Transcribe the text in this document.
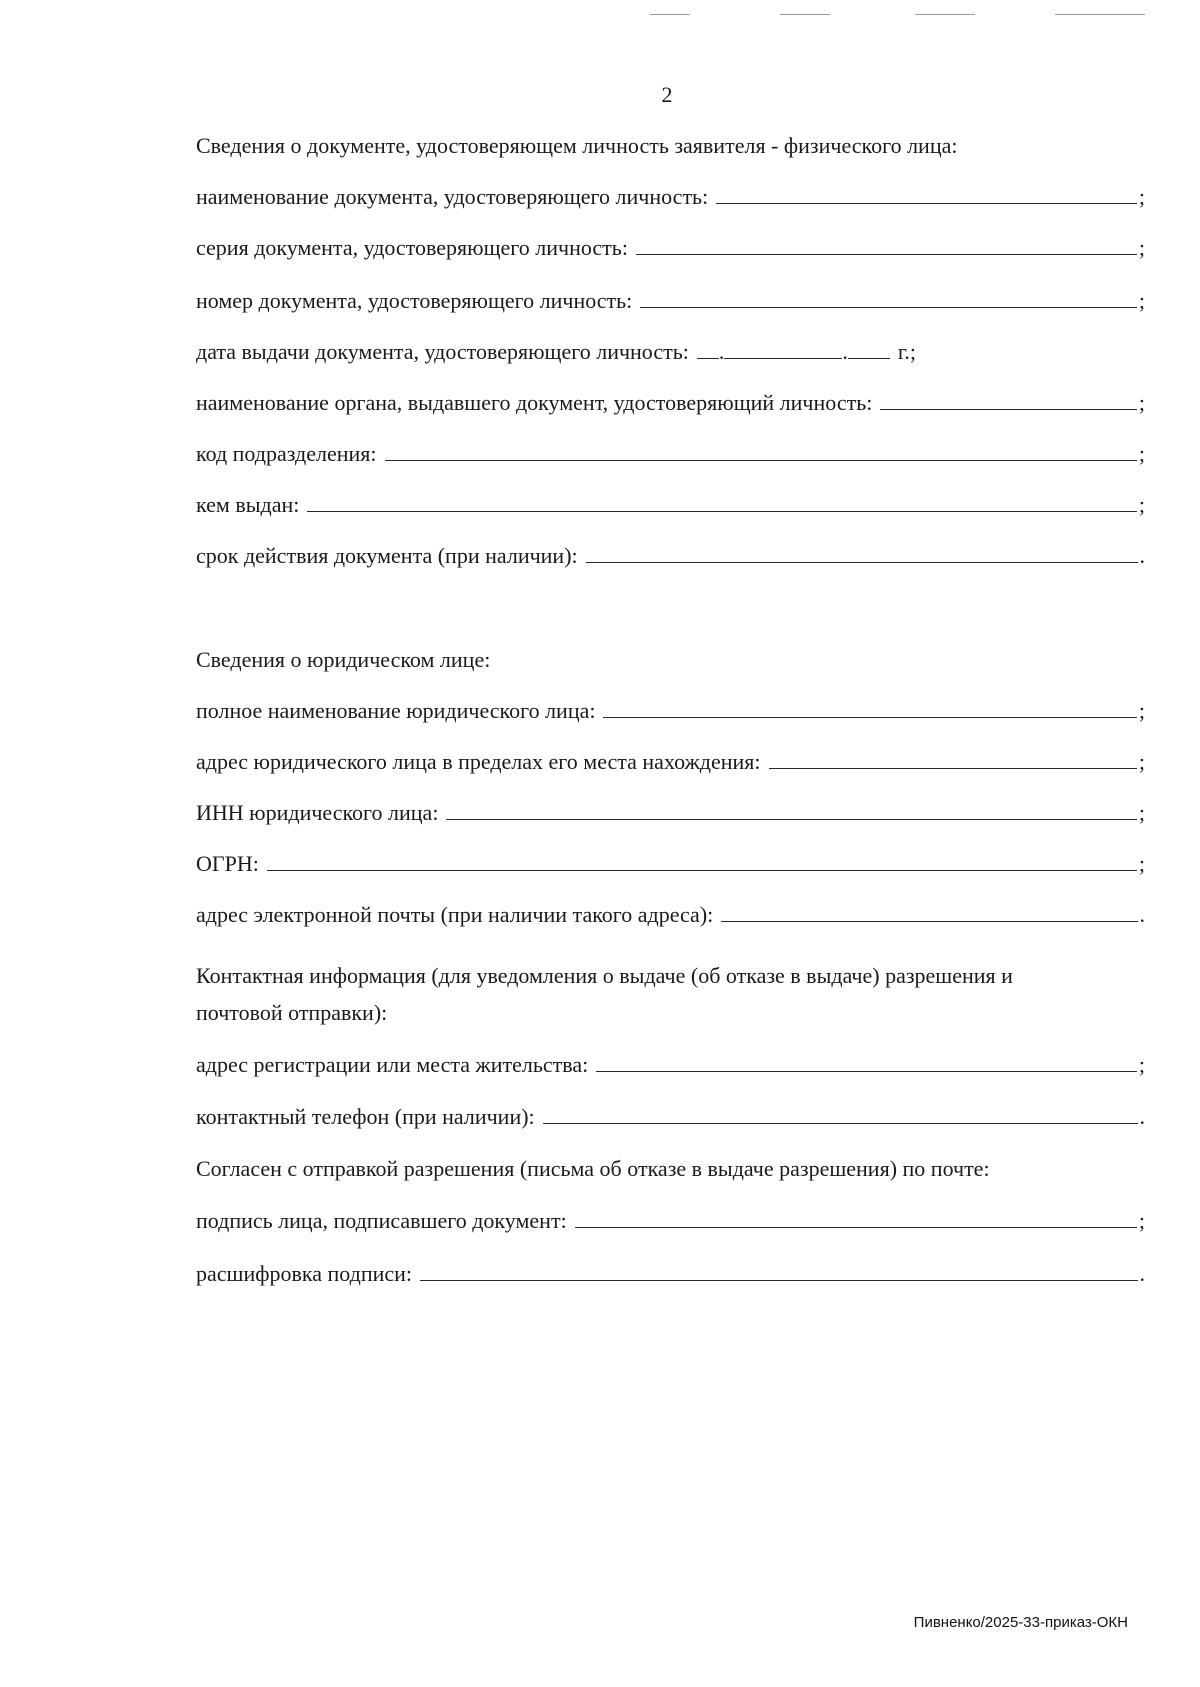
2
Сведения о документе, удостоверяющем личность заявителя - физического лица:
наименование документа, удостоверяющего личность:	;
серия документа, удостоверяющего личность:	;
номер документа, удостоверяющего личность:	;
дата выдачи документа, удостоверяющего личность: .	. г.;
наименование органа, выдавшего документ, удостоверяющий личность:	;
код подразделения:	;
кем выдан:	;
срок действия документа (при наличии):	.
Сведения о юридическом лице:
полное наименование юридического лица:	;
адрес юридического лица в пределах его места нахождения:	;
ИНН юридического лица:	;
ОГРН:	;
адрес электронной почты (при наличии такого адреса):	.
Контактная информация (для уведомления о выдаче (об отказе в выдаче) разрешения и почтовой отправки):
адрес регистрации или места жительства:	;
контактный телефон (при наличии):	.
Согласен с отправкой разрешения (письма об отказе в выдаче разрешения) по почте:
подпись лица, подписавшего документ:	;
расшифровка подписи:	.
Пивненко/2025-33-приказ-ОКН
